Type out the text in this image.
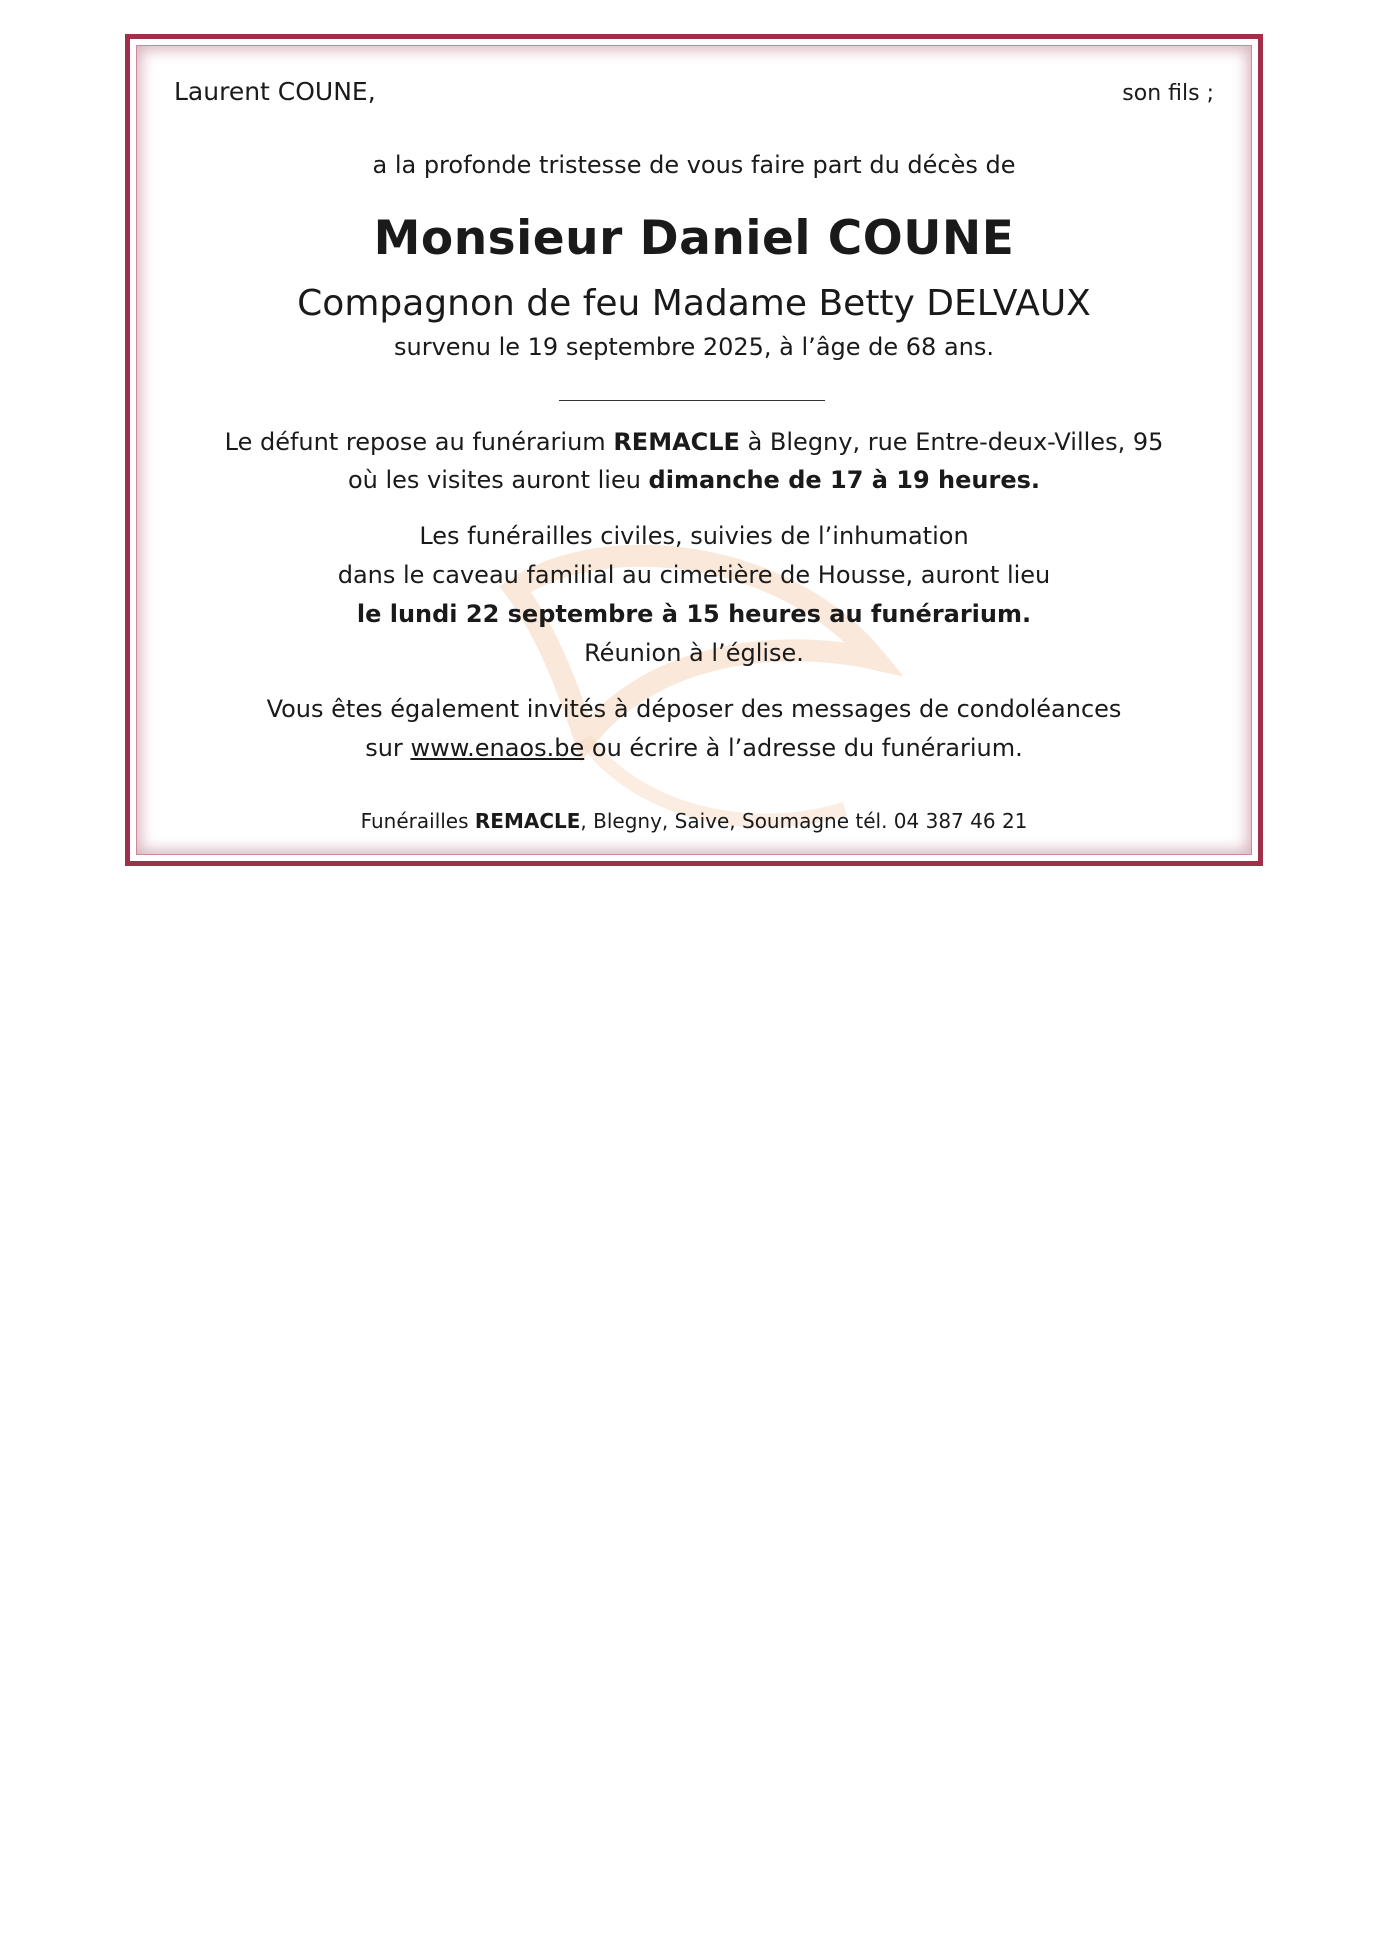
Laurent COUNE,	son fils ;
a la profonde tristesse de vous faire part du décès de
Monsieur Daniel COUNE
Compagnon de feu Madame Betty DELVAUX
survenu le 19 septembre 2025, à l’âge de 68 ans.
Le défunt repose au funérarium REMACLE à Blegny, rue Entre-deux-Villes, 95
où les visites auront lieu dimanche de 17 à 19 heures.
Les funérailles civiles, suivies de l’inhumation
dans le caveau familial au cimetière de Housse, auront lieu
le lundi 22 septembre à 15 heures au funérarium.
Réunion à l’église.
Vous êtes également invités à déposer des messages de condoléances
sur www.enaos.be ou écrire à l’adresse du funérarium.
Funérailles REMACLE, Blegny, Saive, Soumagne tél. 04 387 46 21
